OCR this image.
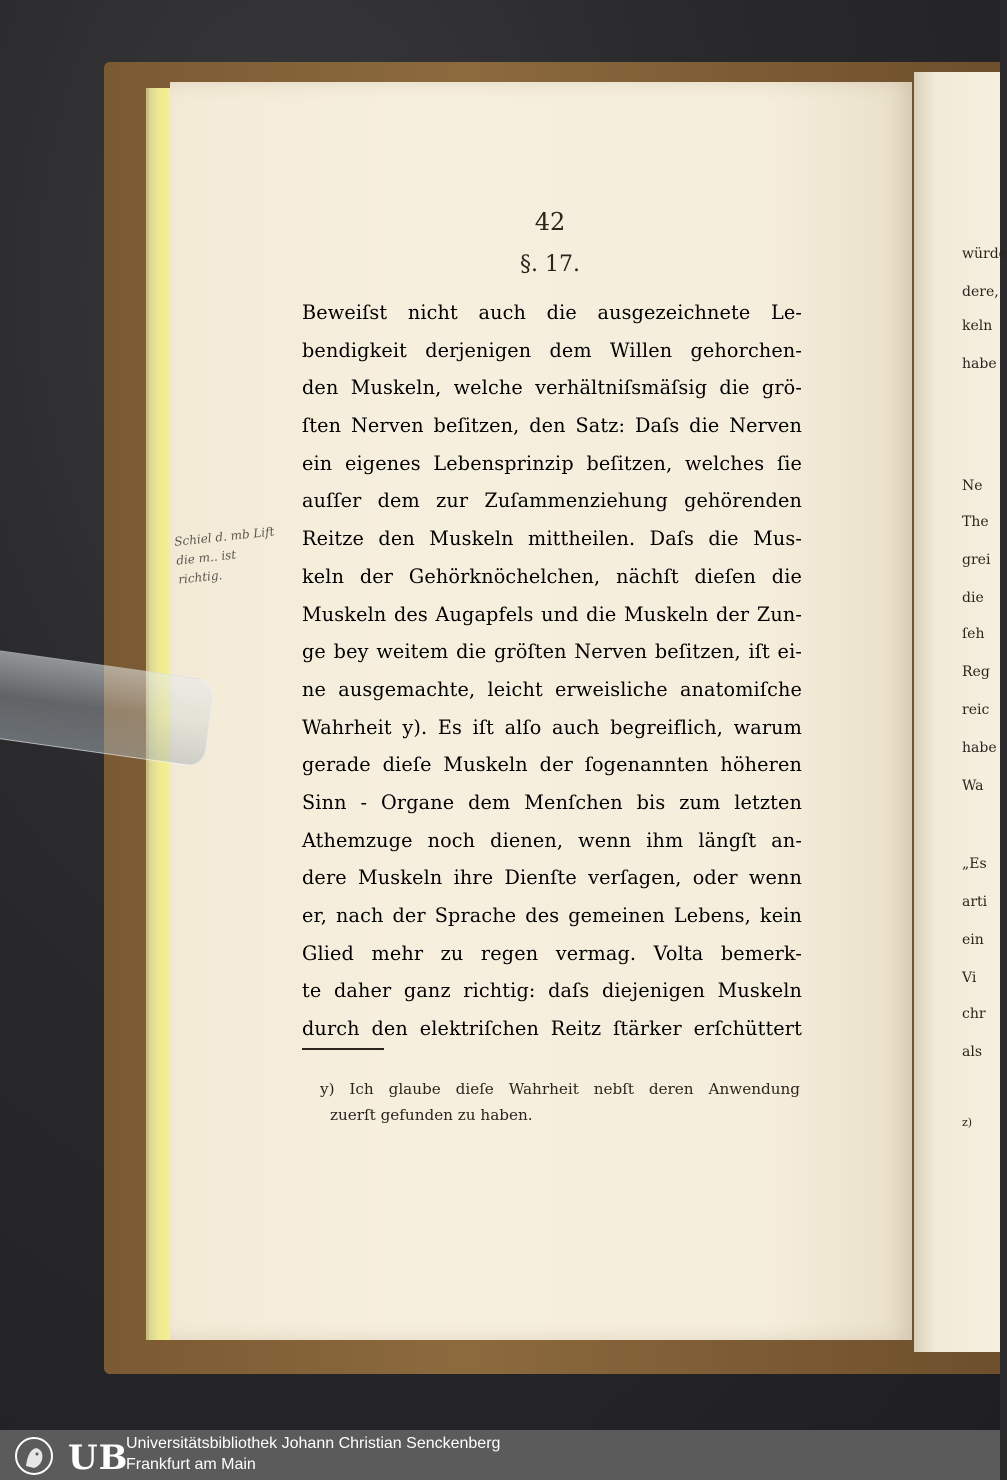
42
§. 17.
Beweiſst nicht auch die ausgezeichnete Le-
bendigkeit derjenigen dem Willen gehorchen-
den Muskeln, welche verhältniſsmäſsig die grö-
ſten Nerven beſitzen, den Satz: Daſs die Nerven
ein eigenes Lebensprinzip beſitzen, welches ſie
auſſer dem zur Zuſammenziehung gehörenden
Reitze den Muskeln mittheilen. Daſs die Mus-
keln der Gehörknöchelchen, nächſt dieſen die
Muskeln des Augapfels und die Muskeln der Zun-
ge bey weitem die gröſten Nerven beſitzen, iſt ei-
ne ausgemachte, leicht erweisliche anatomiſche
Wahrheit y). Es iſt alſo auch begreiflich, warum
gerade dieſe Muskeln der ſogenannten höheren
Sinn - Organe dem Menſchen bis zum letzten
Athemzuge noch dienen, wenn ihm längſt an-
dere Muskeln ihre Dienſte verſagen, oder wenn
er, nach der Sprache des gemeinen Lebens, kein
Glied mehr zu regen vermag. Volta bemerk-
te daher ganz richtig: daſs diejenigen Muskeln
durch den elektriſchen Reitz ſtärker erſchüttert
y) Ich glaube dieſe Wahrheit nebſt deren Anwendung
zuerſt gefunden zu haben.
Schiel d. mb Lift
die m.. ist
richtig.
würde
dere,
keln
habe
Ne
The
grei
die
ſeh
Reg
reic
habe
Wa
„Es
arti
ein
Vi
chr
als
z)
UB
Universitätsbibliothek Johann Christian Senckenberg
Frankfurt am Main
